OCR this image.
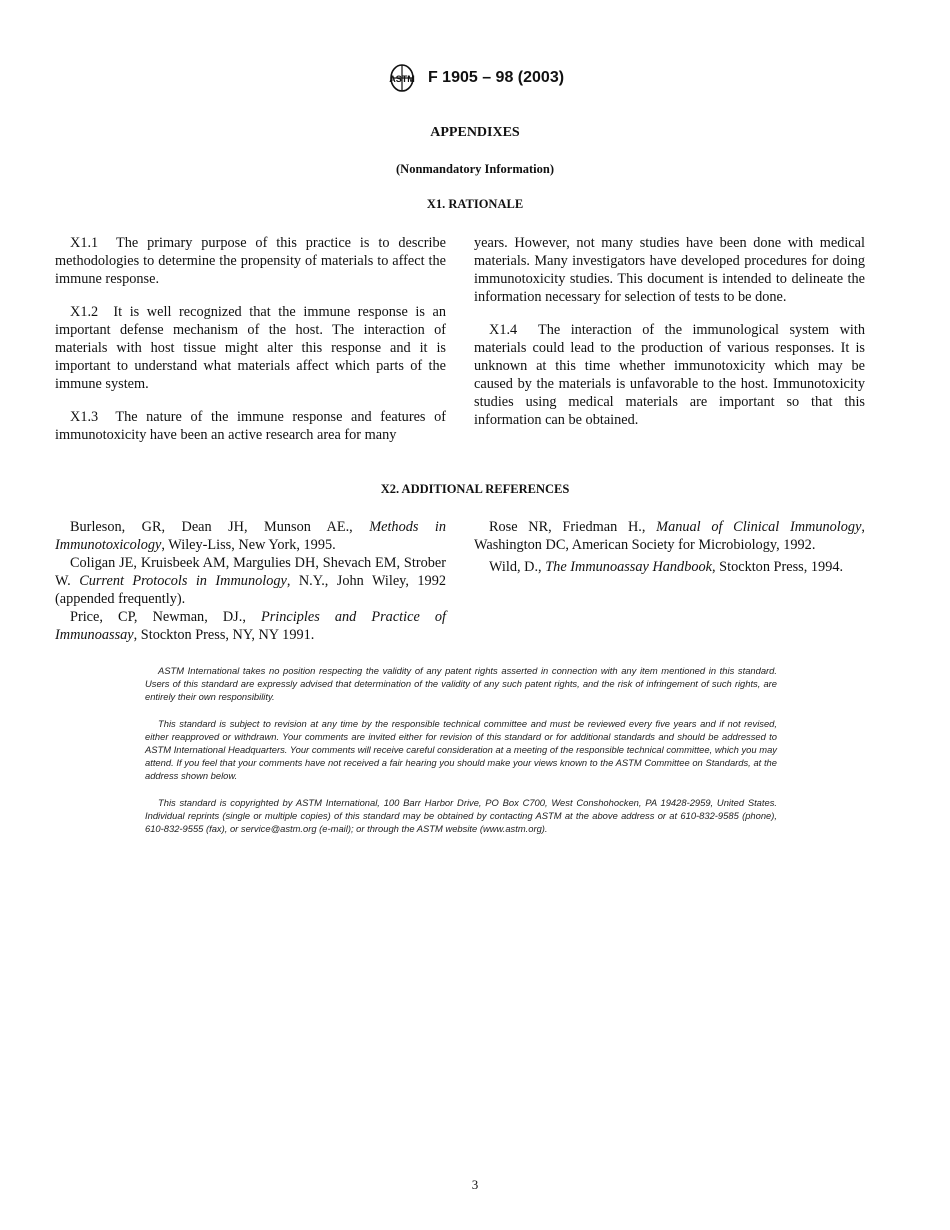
ASTM F 1905 – 98 (2003)
APPENDIXES
(Nonmandatory Information)
X1. RATIONALE

X1.1 The primary purpose of this practice is to describe methodologies to determine the propensity of materials to affect the immune response.

X1.2 It is well recognized that the immune response is an important defense mechanism of the host. The interaction of materials with host tissue might alter this response and it is important to understand what materials affect which parts of the immune system.

X1.3 The nature of the immune response and features of immunotoxicity have been an active research area for many

years. However, not many studies have been done with medical materials. Many investigators have developed procedures for doing immunotoxicity studies. This document is intended to delineate the information necessary for selection of tests to be done.

X1.4 The interaction of the immunological system with materials could lead to the production of various responses. It is unknown at this time whether immunotoxicity which may be caused by the materials is unfavorable to the host. Immunotoxicity studies using medical materials are important so that this information can be obtained.

X2. ADDITIONAL REFERENCES

Burleson, GR, Dean JH, Munson AE., Methods in Immunotoxicology, Wiley-Liss, New York, 1995.

Coligan JE, Kruisbeek AM, Margulies DH, Shevach EM, Strober W. Current Protocols in Immunology, N.Y., John Wiley, 1992 (appended frequently).

Price, CP, Newman, DJ., Principles and Practice of Immunoassay, Stockton Press, NY, NY 1991.

Rose NR, Friedman H., Manual of Clinical Immunology, Washington DC, American Society for Microbiology, 1992.

Wild, D., The Immunoassay Handbook, Stockton Press, 1994.

ASTM International takes no position respecting the validity of any patent rights asserted in connection with any item mentioned in this standard. Users of this standard are expressly advised that determination of the validity of any such patent rights, and the risk of infringement of such rights, are entirely their own responsibility.

This standard is subject to revision at any time by the responsible technical committee and must be reviewed every five years and if not revised, either reapproved or withdrawn. Your comments are invited either for revision of this standard or for additional standards and should be addressed to ASTM International Headquarters. Your comments will receive careful consideration at a meeting of the responsible technical committee, which you may attend. If you feel that your comments have not received a fair hearing you should make your views known to the ASTM Committee on Standards, at the address shown below.

This standard is copyrighted by ASTM International, 100 Barr Harbor Drive, PO Box C700, West Conshohocken, PA 19428-2959, United States. Individual reprints (single or multiple copies) of this standard may be obtained by contacting ASTM at the above address or at 610-832-9585 (phone), 610-832-9555 (fax), or service@astm.org (e-mail); or through the ASTM website (www.astm.org).

3
